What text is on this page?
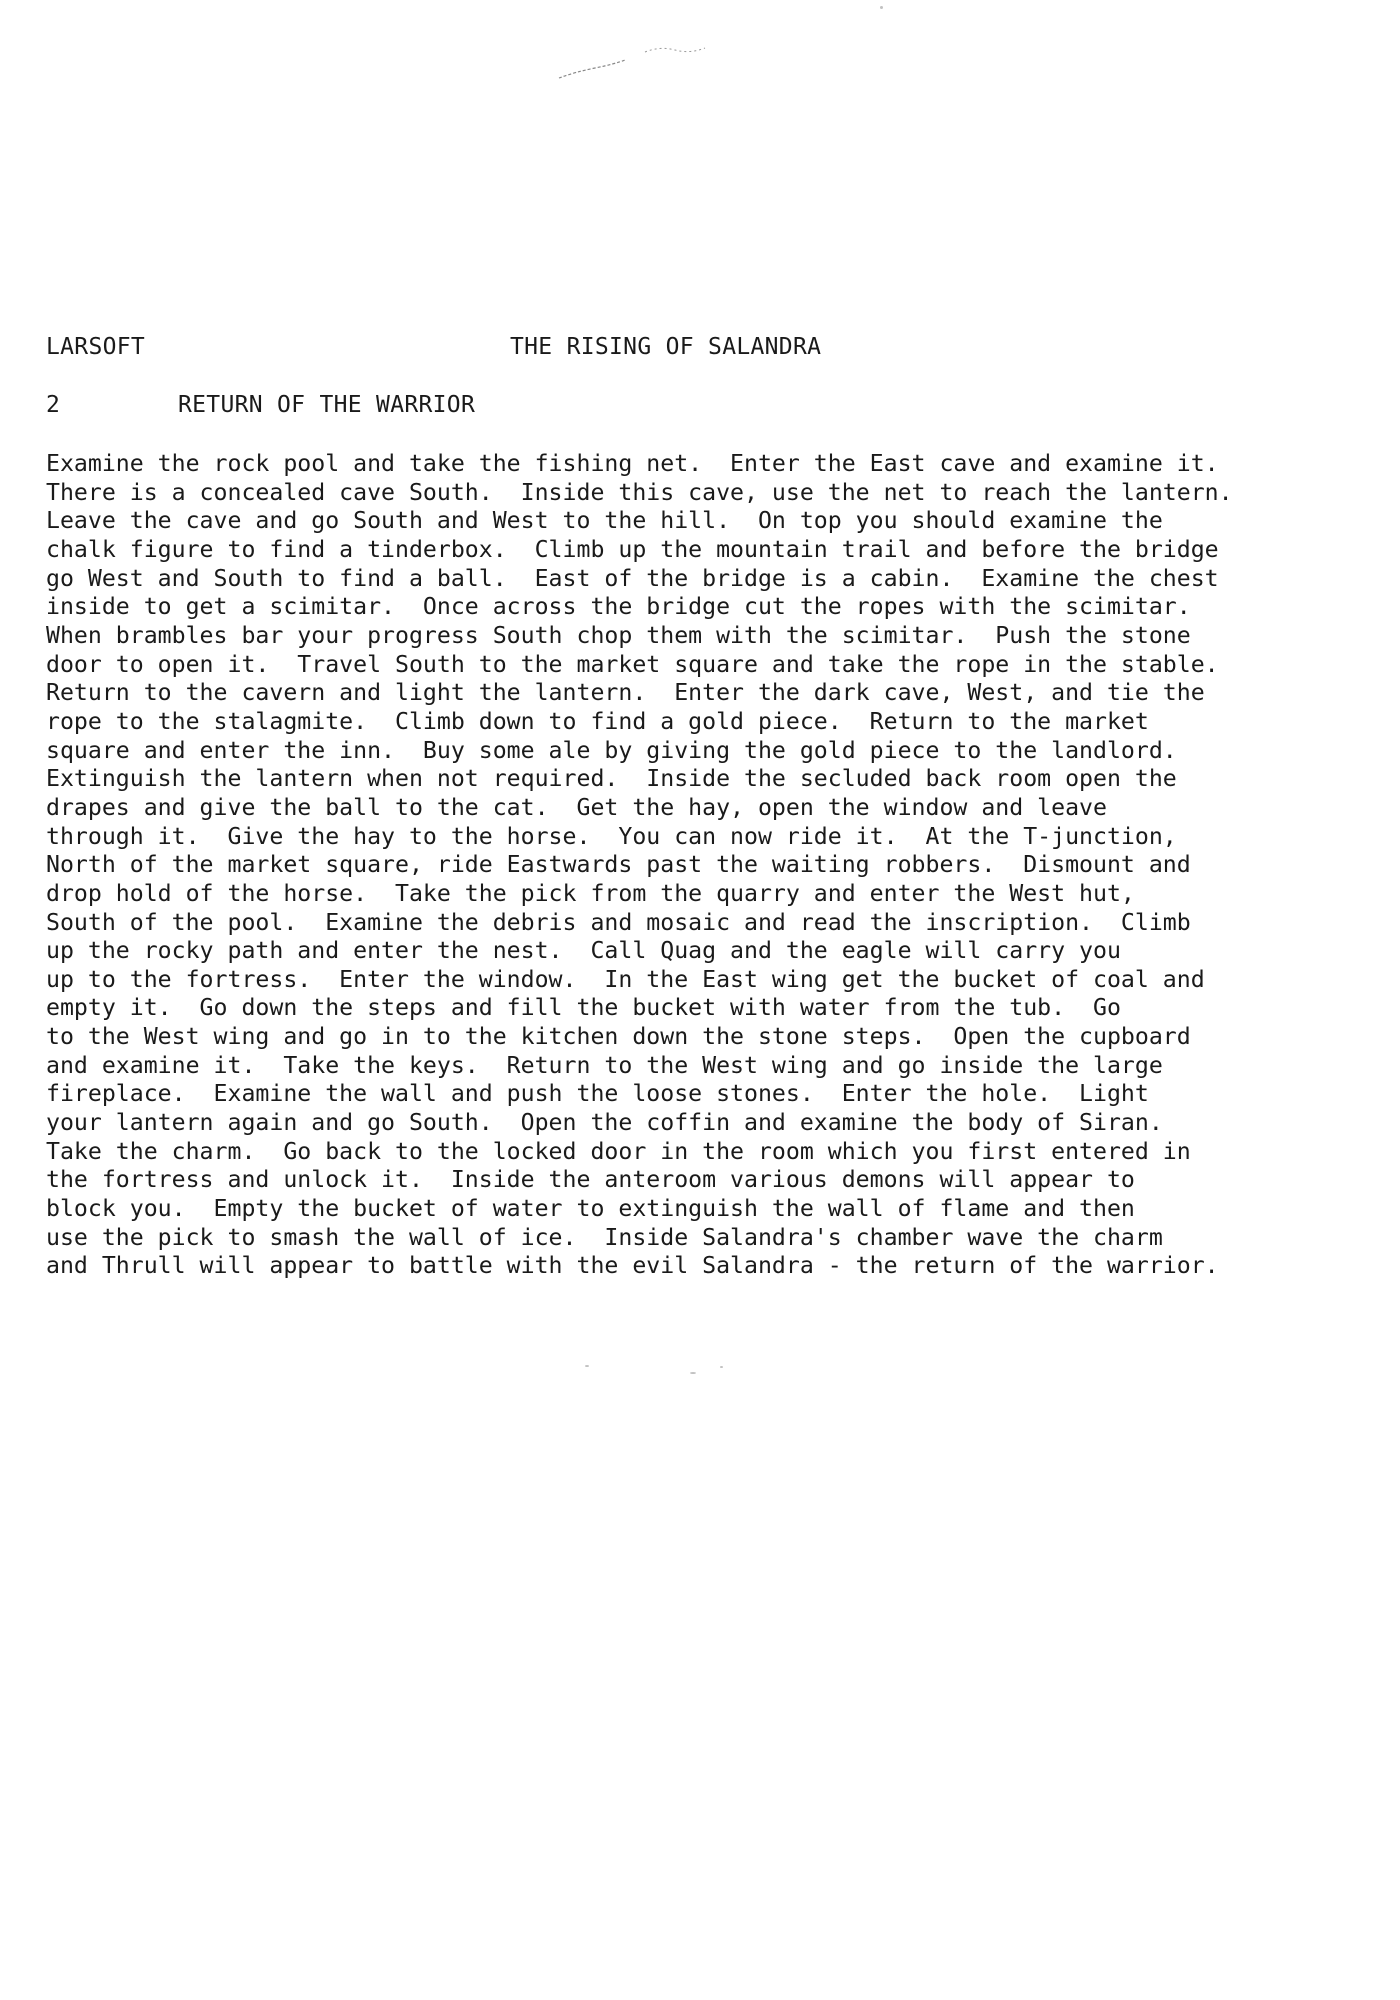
LARSOFT	THE RISING OF SALANDRA
2	RETURN OF THE WARRIOR
Examine the rock pool and take the fishing net.  Enter the East cave and examine it.
There is a concealed cave South.  Inside this cave, use the net to reach the lantern.
Leave the cave and go South and West to the hill.  On top you should examine the
chalk figure to find a tinderbox.  Climb up the mountain trail and before the bridge
go West and South to find a ball.  East of the bridge is a cabin.  Examine the chest
inside to get a scimitar.  Once across the bridge cut the ropes with the scimitar.
When brambles bar your progress South chop them with the scimitar.  Push the stone
door to open it.  Travel South to the market square and take the rope in the stable.
Return to the cavern and light the lantern.  Enter the dark cave, West, and tie the
rope to the stalagmite.  Climb down to find a gold piece.  Return to the market
square and enter the inn.  Buy some ale by giving the gold piece to the landlord.
Extinguish the lantern when not required.  Inside the secluded back room open the
drapes and give the ball to the cat.  Get the hay, open the window and leave
through it.  Give the hay to the horse.  You can now ride it.  At the T-junction,
North of the market square, ride Eastwards past the waiting robbers.  Dismount and
drop hold of the horse.  Take the pick from the quarry and enter the West hut,
South of the pool.  Examine the debris and mosaic and read the inscription.  Climb
up the rocky path and enter the nest.  Call Quag and the eagle will carry you
up to the fortress.  Enter the window.  In the East wing get the bucket of coal and
empty it.  Go down the steps and fill the bucket with water from the tub.  Go
to the West wing and go in to the kitchen down the stone steps.  Open the cupboard
and examine it.  Take the keys.  Return to the West wing and go inside the large
fireplace.  Examine the wall and push the loose stones.  Enter the hole.  Light
your lantern again and go South.  Open the coffin and examine the body of Siran.
Take the charm.  Go back to the locked door in the room which you first entered in
the fortress and unlock it.  Inside the anteroom various demons will appear to
block you.  Empty the bucket of water to extinguish the wall of flame and then
use the pick to smash the wall of ice.  Inside Salandra's chamber wave the charm
and Thrull will appear to battle with the evil Salandra - the return of the warrior.
